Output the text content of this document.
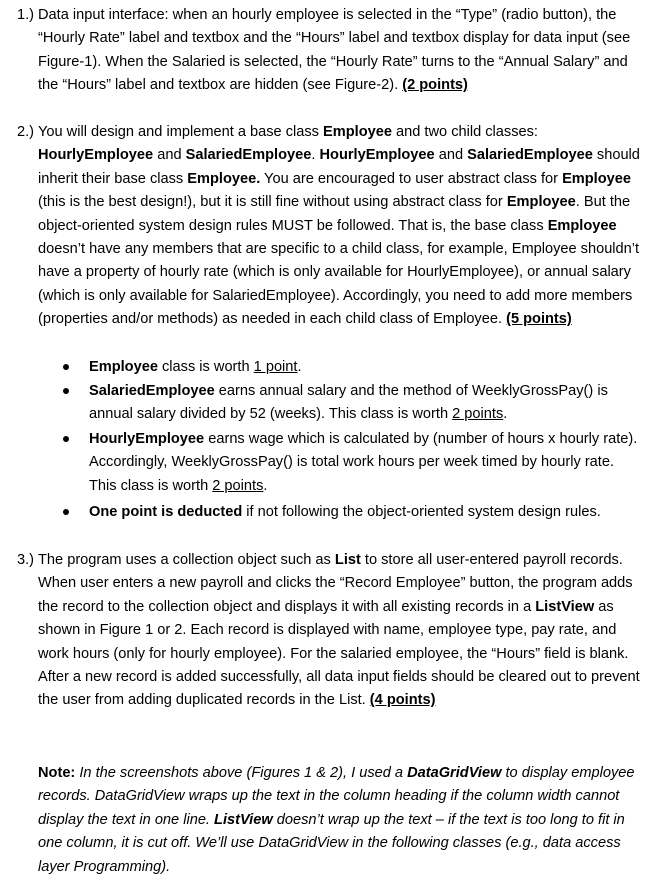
1.) Data input interface: when an hourly employee is selected in the “Type” (radio button), the “Hourly Rate” label and textbox and the “Hours” label and textbox display for data input (see Figure-1). When the Salaried is selected, the “Hourly Rate” turns to the “Annual Salary” and the “Hours” label and textbox are hidden (see Figure-2). (2 points)
2.) You will design and implement a base class Employee and two child classes: HourlyEmployee and SalariedEmployee. HourlyEmployee and SalariedEmployee should inherit their base class Employee. You are encouraged to user abstract class for Employee (this is the best design!), but it is still fine without using abstract class for Employee. But the object-oriented system design rules MUST be followed. That is, the base class Employee doesn’t have any members that are specific to a child class, for example, Employee shouldn’t have a property of hourly rate (which is only available for HourlyEmployee), or annual salary (which is only available for SalariedEmployee). Accordingly, you need to add more members (properties and/or methods) as needed in each child class of Employee. (5 points)
Employee class is worth 1 point.
SalariedEmployee earns annual salary and the method of WeeklyGrossPay() is annual salary divided by 52 (weeks). This class is worth 2 points.
HourlyEmployee earns wage which is calculated by (number of hours x hourly rate). Accordingly, WeeklyGrossPay() is total work hours per week timed by hourly rate. This class is worth 2 points.
One point is deducted if not following the object-oriented system design rules.
3.) The program uses a collection object such as List to store all user-entered payroll records. When user enters a new payroll and clicks the “Record Employee” button, the program adds the record to the collection object and displays it with all existing records in a ListView as shown in Figure 1 or 2. Each record is displayed with name, employee type, pay rate, and work hours (only for hourly employee). For the salaried employee, the “Hours” field is blank. After a new record is added successfully, all data input fields should be cleared out to prevent the user from adding duplicated records in the List. (4 points)
Note: In the screenshots above (Figures 1 & 2), I used a DataGridView to display employee records. DataGridView wraps up the text in the column heading if the column width cannot display the text in one line. ListView doesn’t wrap up the text – if the text is too long to fit in one column, it is cut off. We’ll use DataGridView in the following classes (e.g., data access layer Programming).
